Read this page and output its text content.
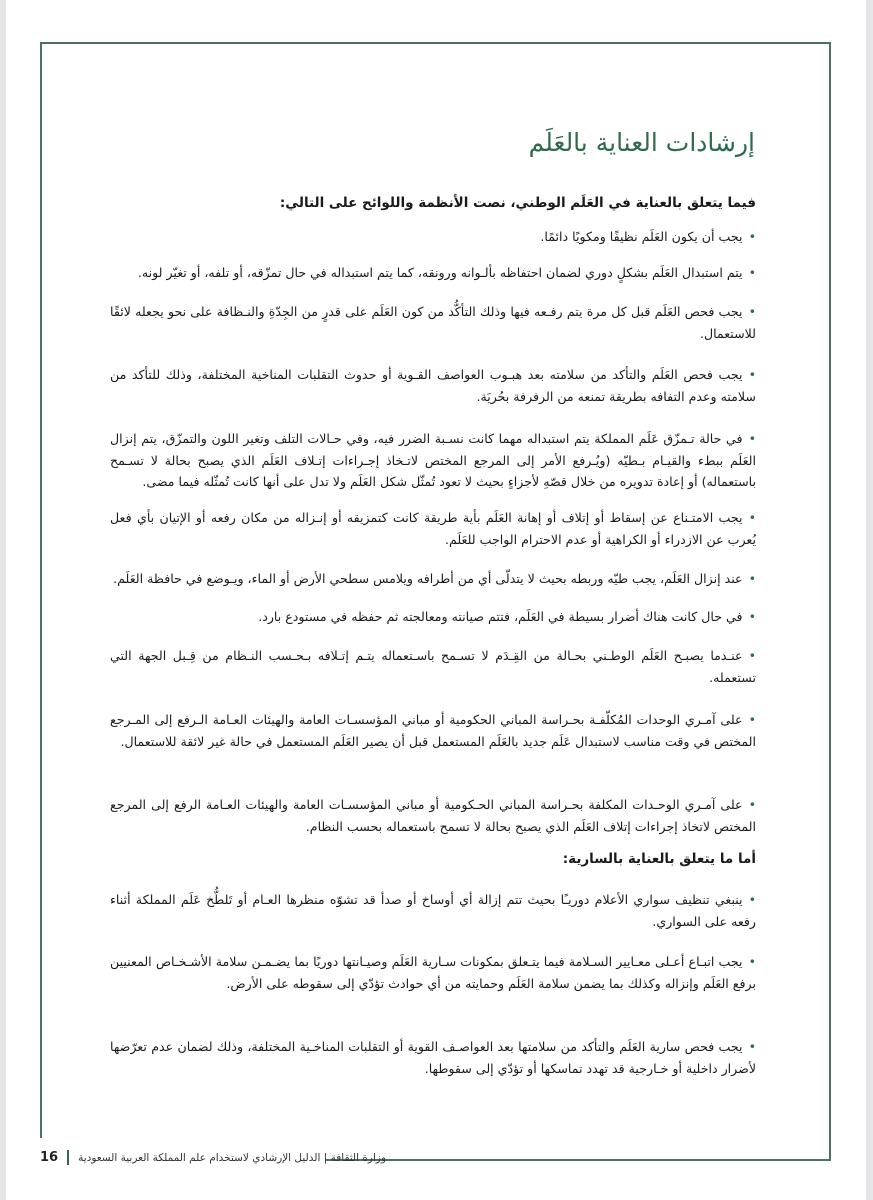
إرشادات العناية بالعَلَم
فيما يتعلق بالعناية في العَلَم الوطني، نصت الأنظمة واللوائح على التالي:
• يجب أن يكون العَلَم نظيفًا ومكويًا دائمًا.
• يتم استبدال العَلَم بشكلٍ دوري لضمان احتفاظه بألـوانه ورونقه، كما يتم استبداله في حال تمزّقه، أو تلفه، أو تغيّر لونه.
• يجب فحص العَلَم قبل كل مرة يتم رفـعه فيها وذلك التأكُّد من كون العَلَم على قدرٍ من الجِدّةِ والنـظافة على نحو يجعله لائقًا للاستعمال.
• يجب فحص العَلَم والتأكد من سلامته بعد هبـوب العواصف القـوية أو حدوث التقلبات المناخية المختلفة، وذلك للتأكد من سلامته وعدم التفافه بطريقة تمنعه من الرفرفة بحُريَة.
• في حالة تـمزّق عَلَم المملكة يتم استبداله مهما كانت نسـبة الضرر فيه، وفي حـالات التلف وتغير اللون والتمزّق، يتم إنزال العَلَم ببطء والقيـام بـطيّه (ويُـرفع الأمر إلى المرجع المختص لاتـخاذ إجـراءات إتـلاف العَلَم الذي يصبح بحالة لا تسـمح باستعماله) أو إعادة تدويره من خلال قصّهِ لأجزاءٍ بحيث لا تعود تُمثّل شكل العَلَم ولا تدل على أنها كانت تُمثّله فيما مضى.
• يجب الامتـناع عن إسقاط أو إتلاف أو إهانة العَلَم بأية طريقة كانت كتمزيقه أو إنـزاله من مكان رفعه أو الإتيان بأي فعل يُعرب عن الازدراء أو الكراهية أو عدم الاحترام الواجب للعَلَم.
• عند إنزال العَلَم، يجب طيّه وربطه بحيث لا يتدلّى أي من أطرافه ويلامس سطحي الأرض أو الماء، ويـوضع في حافظة العَلَم.
• في حال كانت هناك أضرار بسيطة في العَلَم، فتتم صيانته ومعالجته ثم حفظه في مستودع بارد.
• عنـدما يصبـح العَلَم الوطـني بحـالة من القِـدَم لا تسـمح باسـتعماله يتـم إتـلافه بـحـسب النـظام من قِـبل الجهة التي تستعمله.
• على آمـري الوحدات المُكلّفـة بحـراسة المباني الحكومية أو مباني المؤسسـات العامة والهيئات العـامة الـرفع إلى المـرجع المختص في وقت مناسب لاستبدال عَلَم جديد بالعَلَم المستعمل قبل أن يصير العَلَم المستعمل في حالة غير لائقة للاستعمال.
• على آمـري الوحـدات المكلفة بحـراسة المباني الحـكومية أو مباني المؤسسـات العامة والهيئات العـامة الرفع إلى المرجع المختص لاتخاذ إجراءات إتلاف العَلَم الذي يصبح بحالة لا تسمح باستعماله بحسب النظام.
أما ما يتعلق بالعناية بالسارية:
• ينبغي تنظيف سواري الأعلام دوريـًا بحيث تتم إزالة أي أوساخ أو صدأ قد تشوّه منظرها العـام أو تَلطُّخ عَلَم المملكة أثناء رفعه على السواري.
• يجب اتبـاع أعـلى معـايير السـلامة فيما يتـعلق بمكونات سـارية العَلَم وصيـانتها دوريًا بما يضـمـن سلامة الأشـخـاص المعنيين برفع العَلَم وإنزاله وكذلك بما يضمن سلامة العَلَم وحمايته من أي حوادث تؤدّي إلى سقوطه على الأرض.
• يجب فحص سارية العَلَم والتأكد من سلامتها بعد العواصـف القوية أو التقلبات المناخـية المختلفة، وذلك لضمان عدم تعرّضها لأضرار داخلية أو خـارجية قد تهدد تماسكها أو تؤدّي إلى سقوطها.
16 وزارة الثقافة | الدليل الإرشادي لاستخدام علم المملكة العربية السعودية
